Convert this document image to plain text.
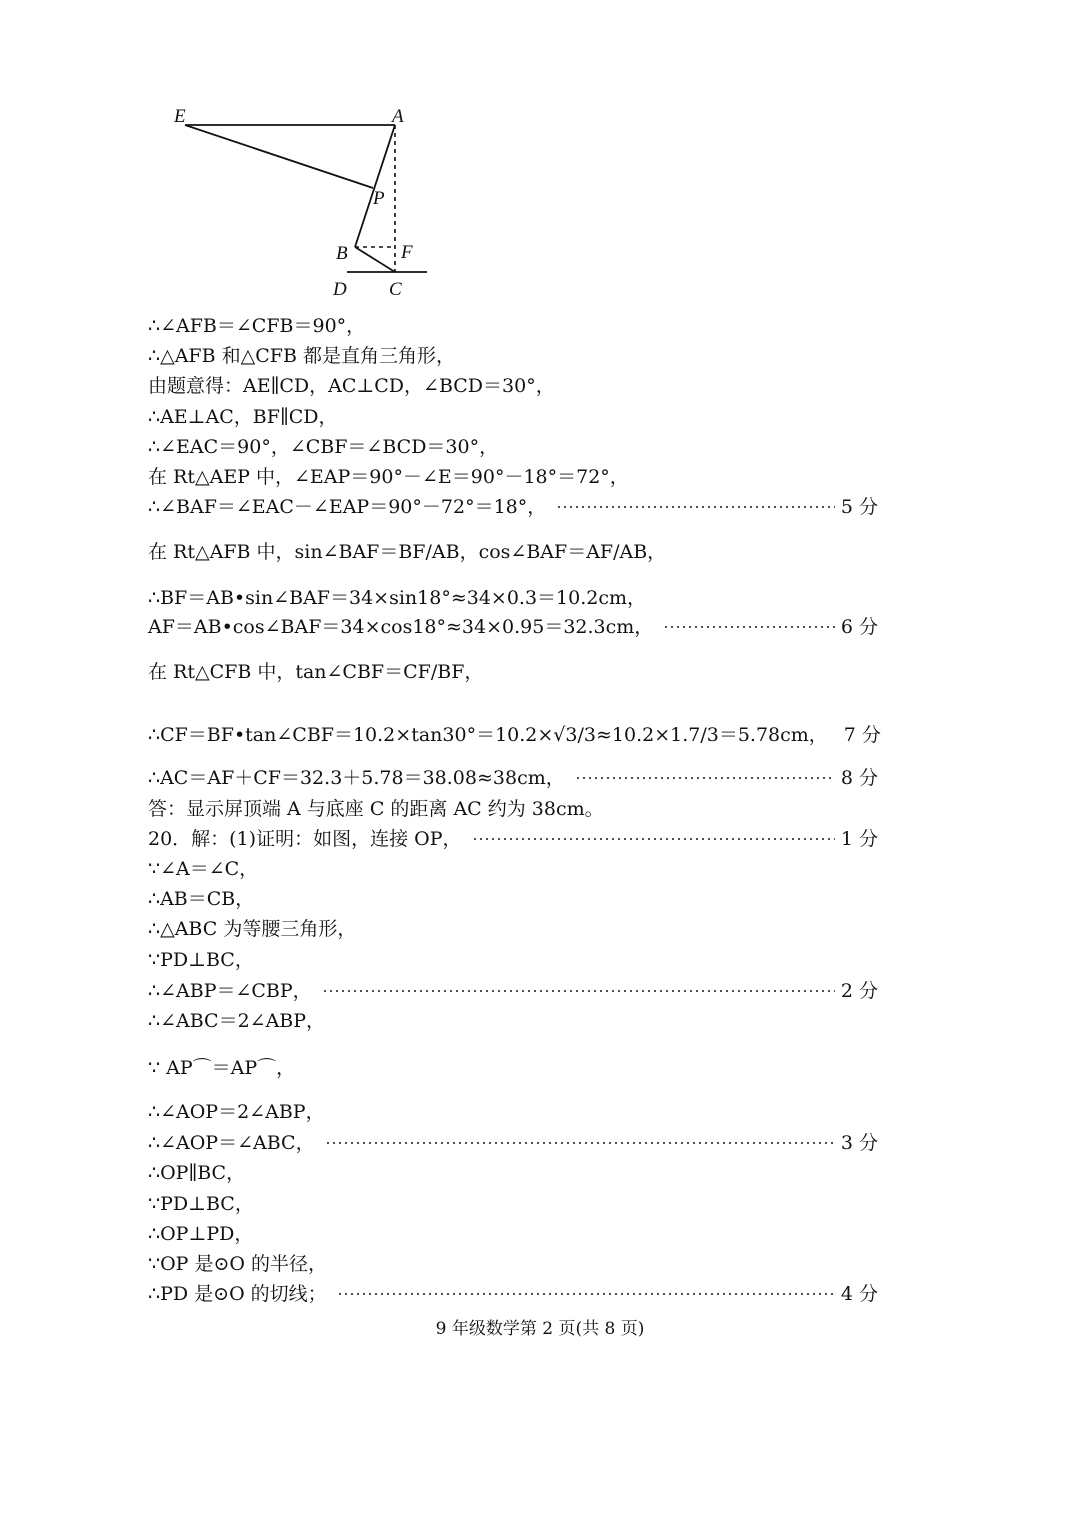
E	A
P
B	F
D C
∴∠AFB＝∠CFB＝90°，
∴△AFB 和△CFB 都是直角三角形，
由题意得：AE∥CD，AC⊥CD，∠BCD＝30°，
∴AE⊥AC，BF∥CD，
∴∠EAC＝90°，∠CBF＝∠BCD＝30°，
在 Rt△AEP 中，∠EAP＝90°－∠E＝90°－18°＝72°，
∴∠BAF＝∠EAC－∠EAP＝90°－72°＝18°，	5 分
在 Rt△AFB 中，sin∠BAF＝BF/AB，cos∠BAF＝AF/AB，
∴BF＝AB•sin∠BAF＝34×sin18°≈34×0.3＝10.2cm，
AF＝AB•cos∠BAF＝34×cos18°≈34×0.95＝32.3cm，	6 分
在 Rt△CFB 中，tan∠CBF＝CF/BF，
∴CF＝BF•tan∠CBF＝10.2×tan30°＝10.2×√3/3≈10.2×1.7/3＝5.78cm， 7 分
∴AC＝AF＋CF＝32.3＋5.78＝38.08≈38cm，	8 分
答：显示屏顶端 A 与底座 C 的距离 AC 约为 38cm。
20．解：(1)证明：如图，连接 OP，	1 分
∵∠A＝∠C，
∴AB＝CB，
∴△ABC 为等腰三角形，
∵PD⊥BC，
∴∠ABP＝∠CBP，	2 分
∴∠ABC＝2∠ABP，
∵ AP⌒＝AP⌒，
∴∠AOP＝2∠ABP，
∴∠AOP＝∠ABC，	3 分
∴OP∥BC，
∵PD⊥BC，
∴OP⊥PD，
∵OP 是⊙O 的半径，
∴PD 是⊙O 的切线；	4 分
9 年级数学第 2 页(共 8 页)
